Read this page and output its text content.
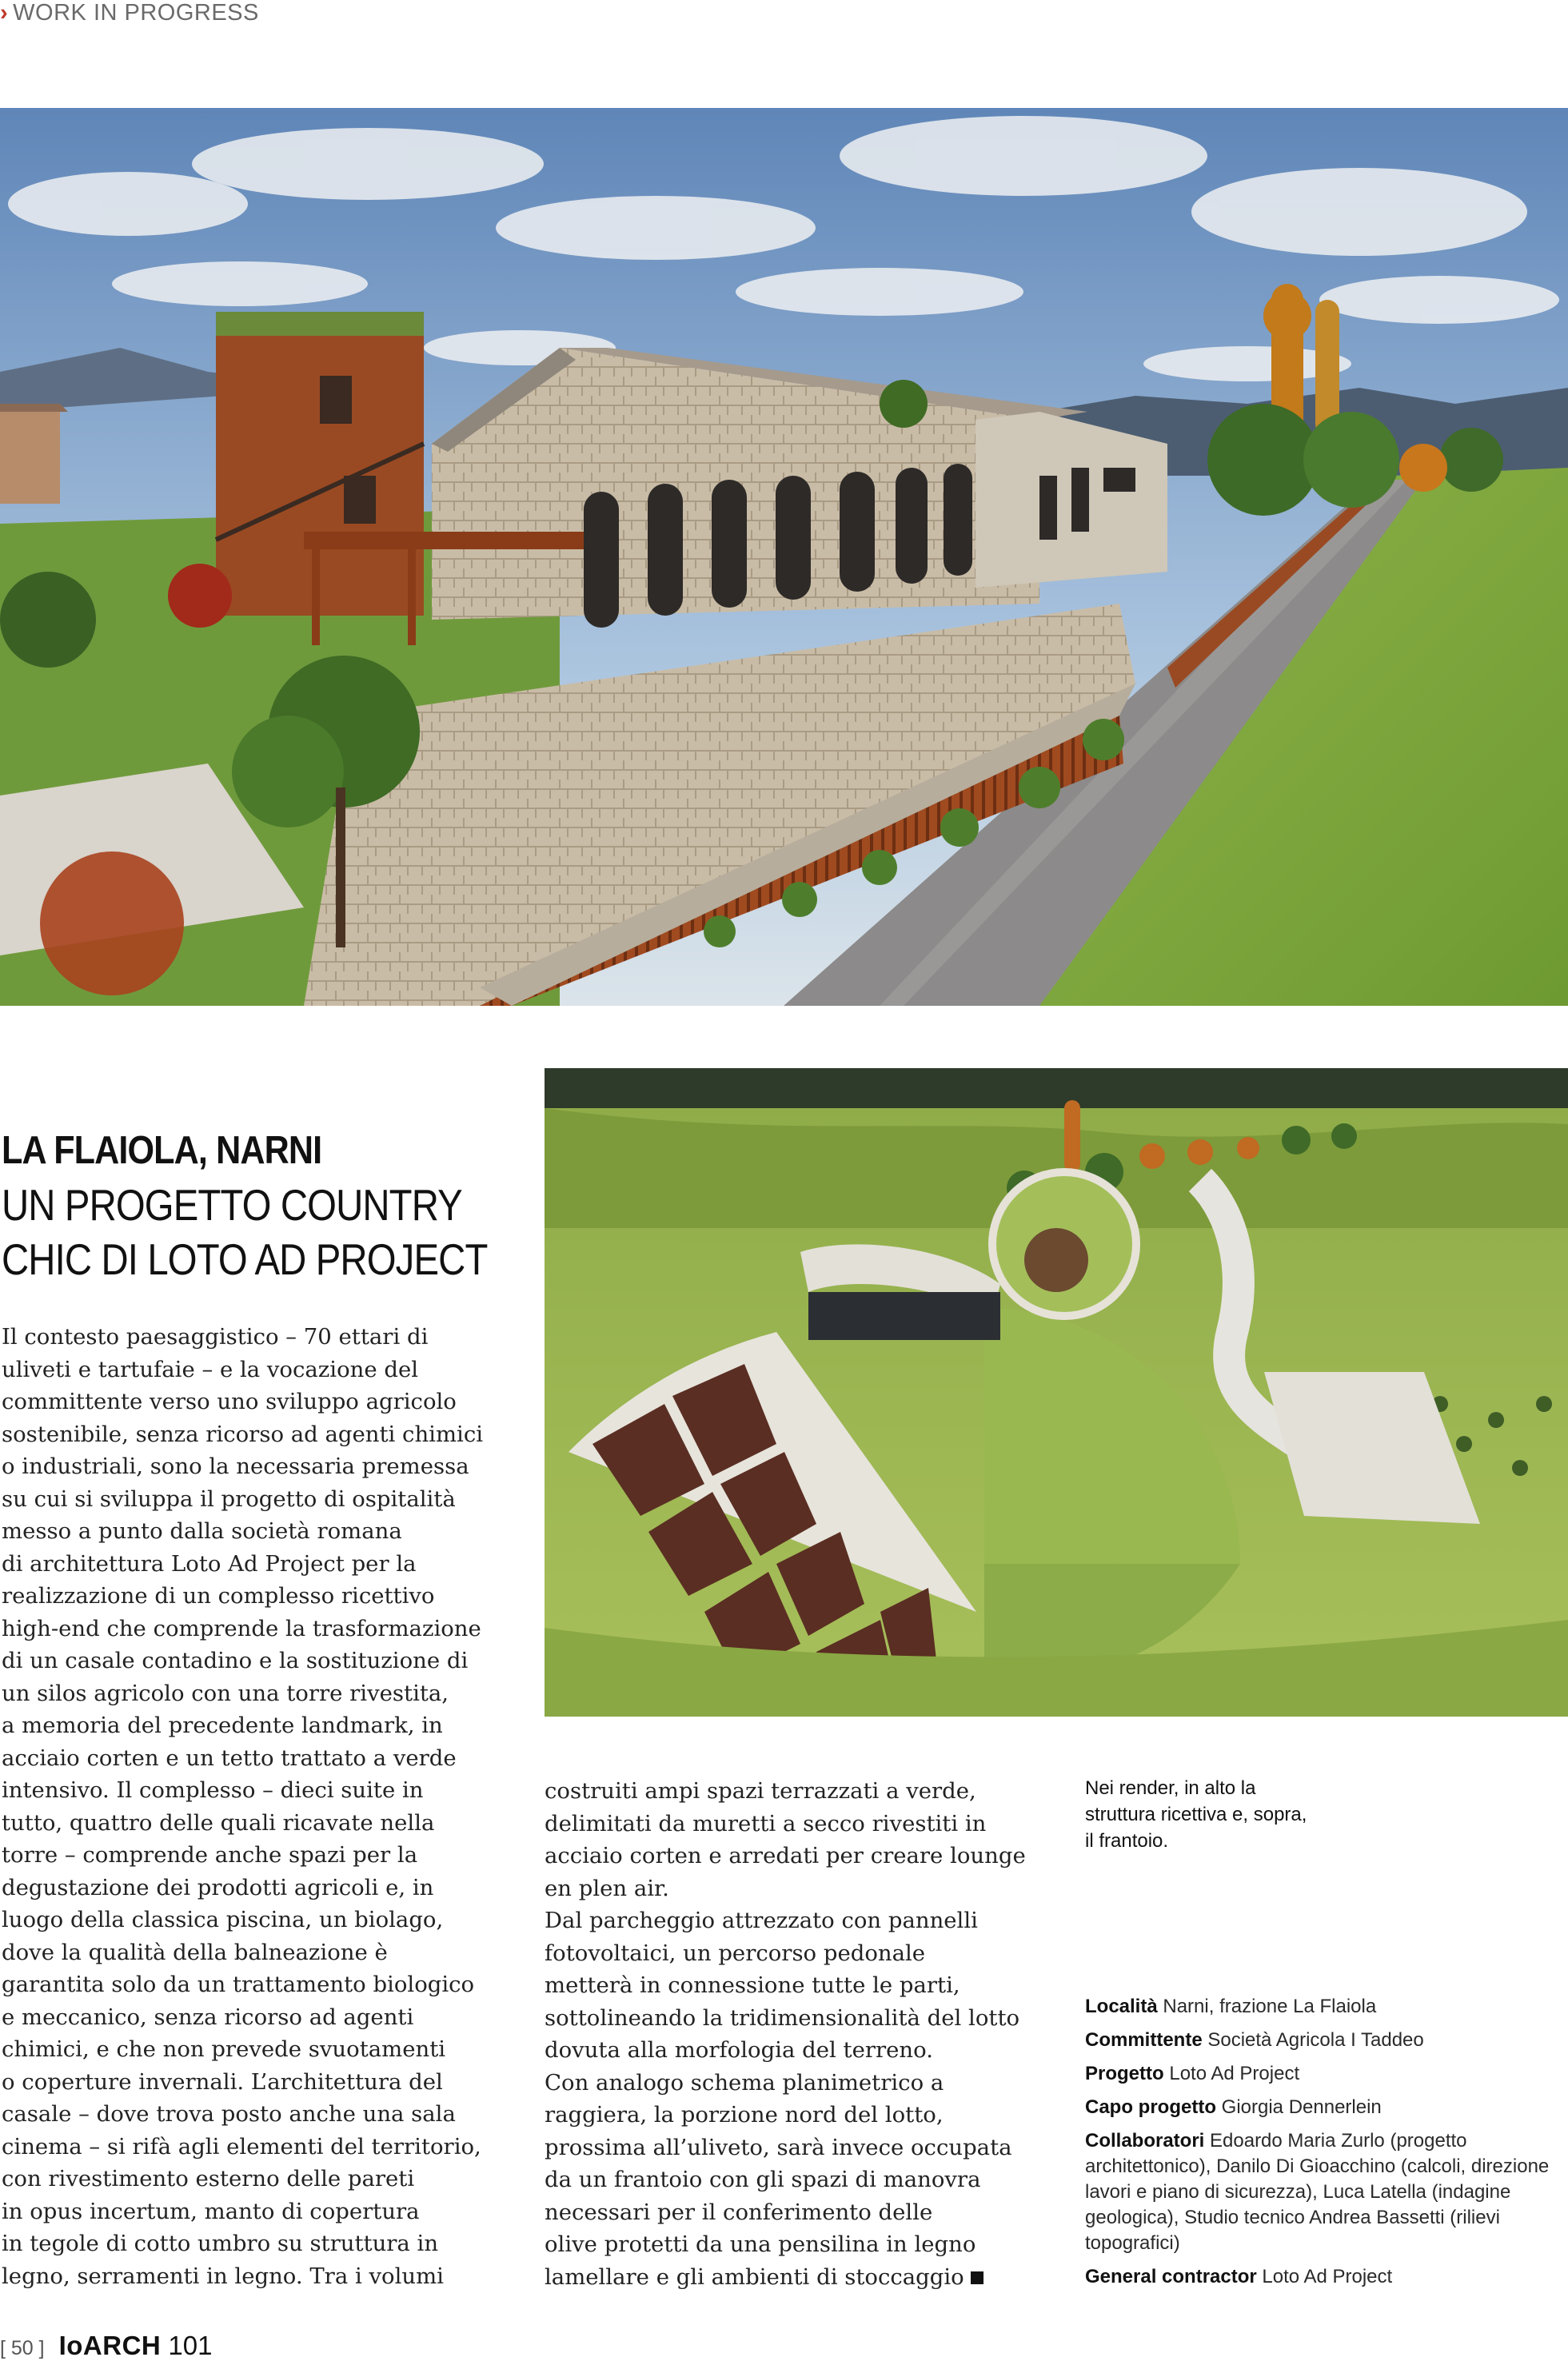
› WORK IN PROGRESS
LA FLAIOLA, NARNI
UN PROGETTO COUNTRY
CHIC DI LOTO AD PROJECT
Il contesto paesaggistico – 70 ettari di
uliveti e tartufaie – e la vocazione del
committente verso uno sviluppo agricolo
sostenibile, senza ricorso ad agenti chimici
o industriali, sono la necessaria premessa
su cui si sviluppa il progetto di ospitalità
messo a punto dalla società romana
di architettura Loto Ad Project per la
realizzazione di un complesso ricettivo
high-end che comprende la trasformazione
di un casale contadino e la sostituzione di
un silos agricolo con una torre rivestita,
a memoria del precedente landmark, in
acciaio corten e un tetto trattato a verde
intensivo. Il complesso – dieci suite in
tutto, quattro delle quali ricavate nella
torre – comprende anche spazi per la
degustazione dei prodotti agricoli e, in
luogo della classica piscina, un biolago,
dove la qualità della balneazione è
garantita solo da un trattamento biologico
e meccanico, senza ricorso ad agenti
chimici, e che non prevede svuotamenti
o coperture invernali. L’architettura del
casale – dove trova posto anche una sala
cinema – si rifà agli elementi del territorio,
con rivestimento esterno delle pareti
in opus incertum, manto di copertura
in tegole di cotto umbro su struttura in
legno, serramenti in legno. Tra i volumi
costruiti ampi spazi terrazzati a verde,
delimitati da muretti a secco rivestiti in
acciaio corten e arredati per creare lounge
en plen air.
Dal parcheggio attrezzato con pannelli
fotovoltaici, un percorso pedonale
metterà in connessione tutte le parti,
sottolineando la tridimensionalità del lotto
dovuta alla morfologia del terreno.
Con analogo schema planimetrico a
raggiera, la porzione nord del lotto,
prossima all’uliveto, sarà invece occupata
da un frantoio con gli spazi di manovra
necessari per il conferimento delle
olive protetti da una pensilina in legno
lamellare e gli ambienti di stoccaggio
Nei render, in alto la
struttura ricettiva e, sopra,
il frantoio.
Località Narni, frazione La Flaiola
Committente Società Agricola I Taddeo
Progetto Loto Ad Project
Capo progetto Giorgia Dennerlein
Collaboratori Edoardo Maria Zurlo (progetto architettonico), Danilo Di Gioacchino (calcoli, direzione lavori e piano di sicurezza), Luca Latella (indagine geologica), Studio tecnico Andrea Bassetti (rilievi topografici)
General contractor Loto Ad Project
[ 50 ] IoARCH 101
